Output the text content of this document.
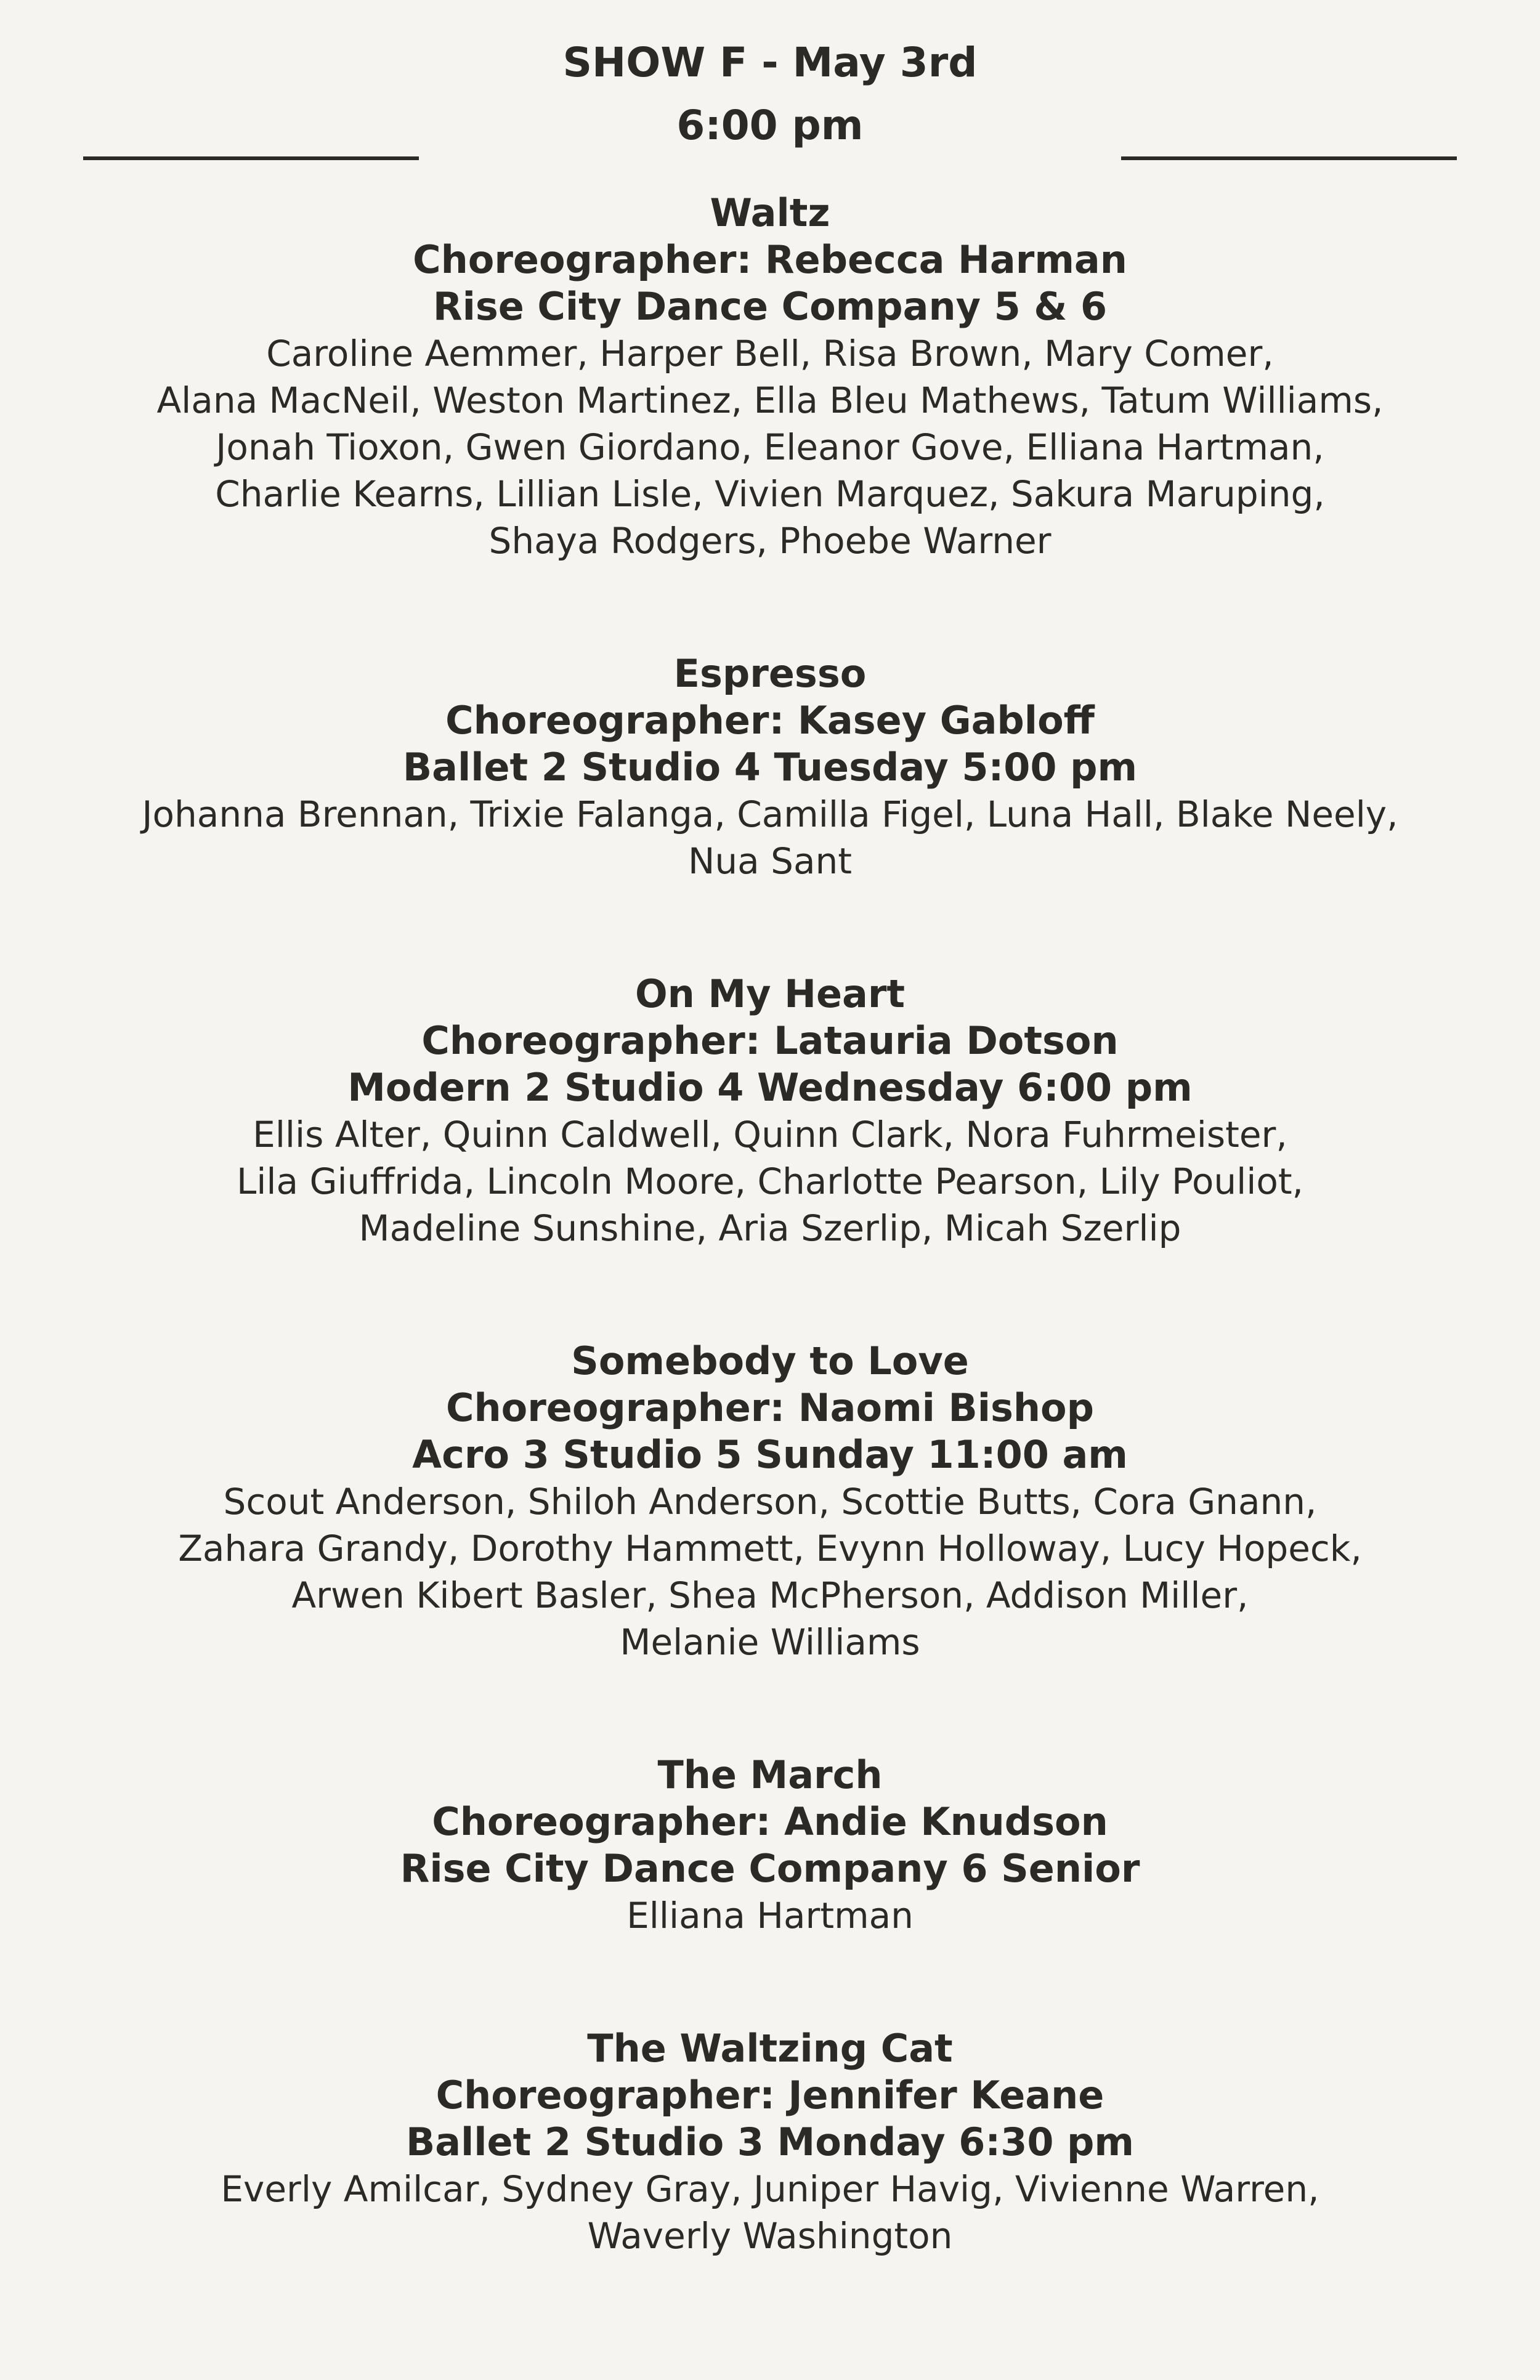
SHOW F - May 3rd
6:00 pm
Waltz
Choreographer: Rebecca Harman
Rise City Dance Company 5 & 6
Caroline Aemmer, Harper Bell, Risa Brown, Mary Comer,
Alana MacNeil, Weston Martinez, Ella Bleu Mathews, Tatum Williams,
Jonah Tioxon, Gwen Giordano, Eleanor Gove, Elliana Hartman,
Charlie Kearns, Lillian Lisle, Vivien Marquez, Sakura Maruping,
Shaya Rodgers, Phoebe Warner
Espresso
Choreographer: Kasey Gabloff
Ballet 2 Studio 4 Tuesday 5:00 pm
Johanna Brennan, Trixie Falanga, Camilla Figel, Luna Hall, Blake Neely,
Nua Sant
On My Heart
Choreographer: Latauria Dotson
Modern 2 Studio 4 Wednesday 6:00 pm
Ellis Alter, Quinn Caldwell, Quinn Clark, Nora Fuhrmeister,
Lila Giuffrida, Lincoln Moore, Charlotte Pearson, Lily Pouliot,
Madeline Sunshine, Aria Szerlip, Micah Szerlip
Somebody to Love
Choreographer: Naomi Bishop
Acro 3 Studio 5 Sunday 11:00 am
Scout Anderson, Shiloh Anderson, Scottie Butts, Cora Gnann,
Zahara Grandy, Dorothy Hammett, Evynn Holloway, Lucy Hopeck,
Arwen Kibert Basler, Shea McPherson, Addison Miller,
Melanie Williams
The March
Choreographer: Andie Knudson
Rise City Dance Company 6 Senior
Elliana Hartman
The Waltzing Cat
Choreographer: Jennifer Keane
Ballet 2 Studio 3 Monday 6:30 pm
Everly Amilcar, Sydney Gray, Juniper Havig, Vivienne Warren,
Waverly Washington
